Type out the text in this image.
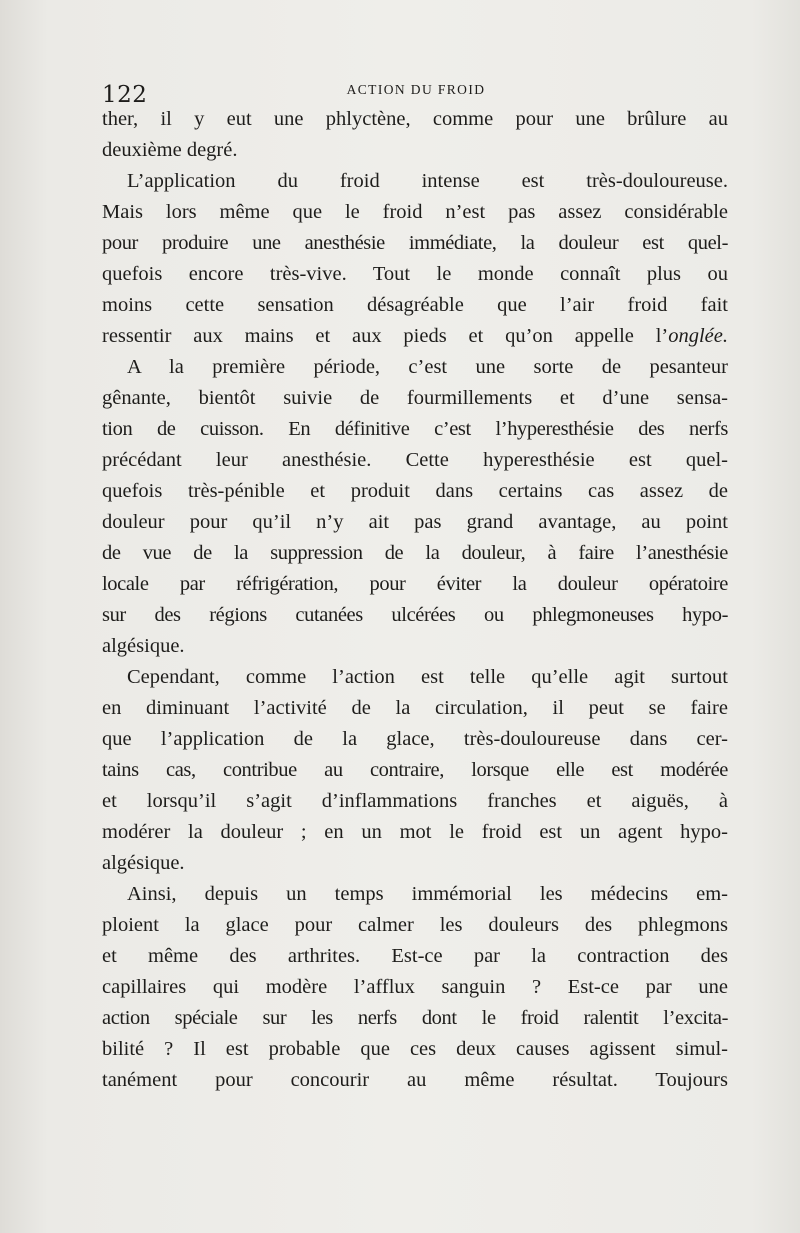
122	ACTION DU FROID
ther, il y eut une phlyctène, comme pour une brûlure au
deuxième degré.
L’application du froid intense est très-douloureuse.
Mais lors même que le froid n’est pas assez considérable
pour produire une anesthésie immédiate, la douleur est quel-
quefois encore très-vive. Tout le monde connaît plus ou
moins cette sensation désagréable que l’air froid fait
ressentir aux mains et aux pieds et qu’on appelle l’onglée.
A la première période, c’est une sorte de pesanteur
gênante, bientôt suivie de fourmillements et d’une sensa-
tion de cuisson. En définitive c’est l’hyperesthésie des nerfs
précédant leur anesthésie. Cette hyperesthésie est quel-
quefois très-pénible et produit dans certains cas assez de
douleur pour qu’il n’y ait pas grand avantage, au point
de vue de la suppression de la douleur, à faire l’anesthésie
locale par réfrigération, pour éviter la douleur opératoire
sur des régions cutanées ulcérées ou phlegmoneuses hypo-
algésique.
Cependant, comme l’action est telle qu’elle agit surtout
en diminuant l’activité de la circulation, il peut se faire
que l’application de la glace, très-douloureuse dans cer-
tains cas, contribue au contraire, lorsque elle est modérée
et lorsqu’il s’agit d’inflammations franches et aiguës, à
modérer la douleur ; en un mot le froid est un agent hypo-
algésique.
Ainsi, depuis un temps immémorial les médecins em-
ploient la glace pour calmer les douleurs des phlegmons
et même des arthrites. Est-ce par la contraction des
capillaires qui modère l’afflux sanguin ? Est-ce par une
action spéciale sur les nerfs dont le froid ralentit l’excita-
bilité ? Il est probable que ces deux causes agissent simul-
tanément pour concourir au même résultat. Toujours
